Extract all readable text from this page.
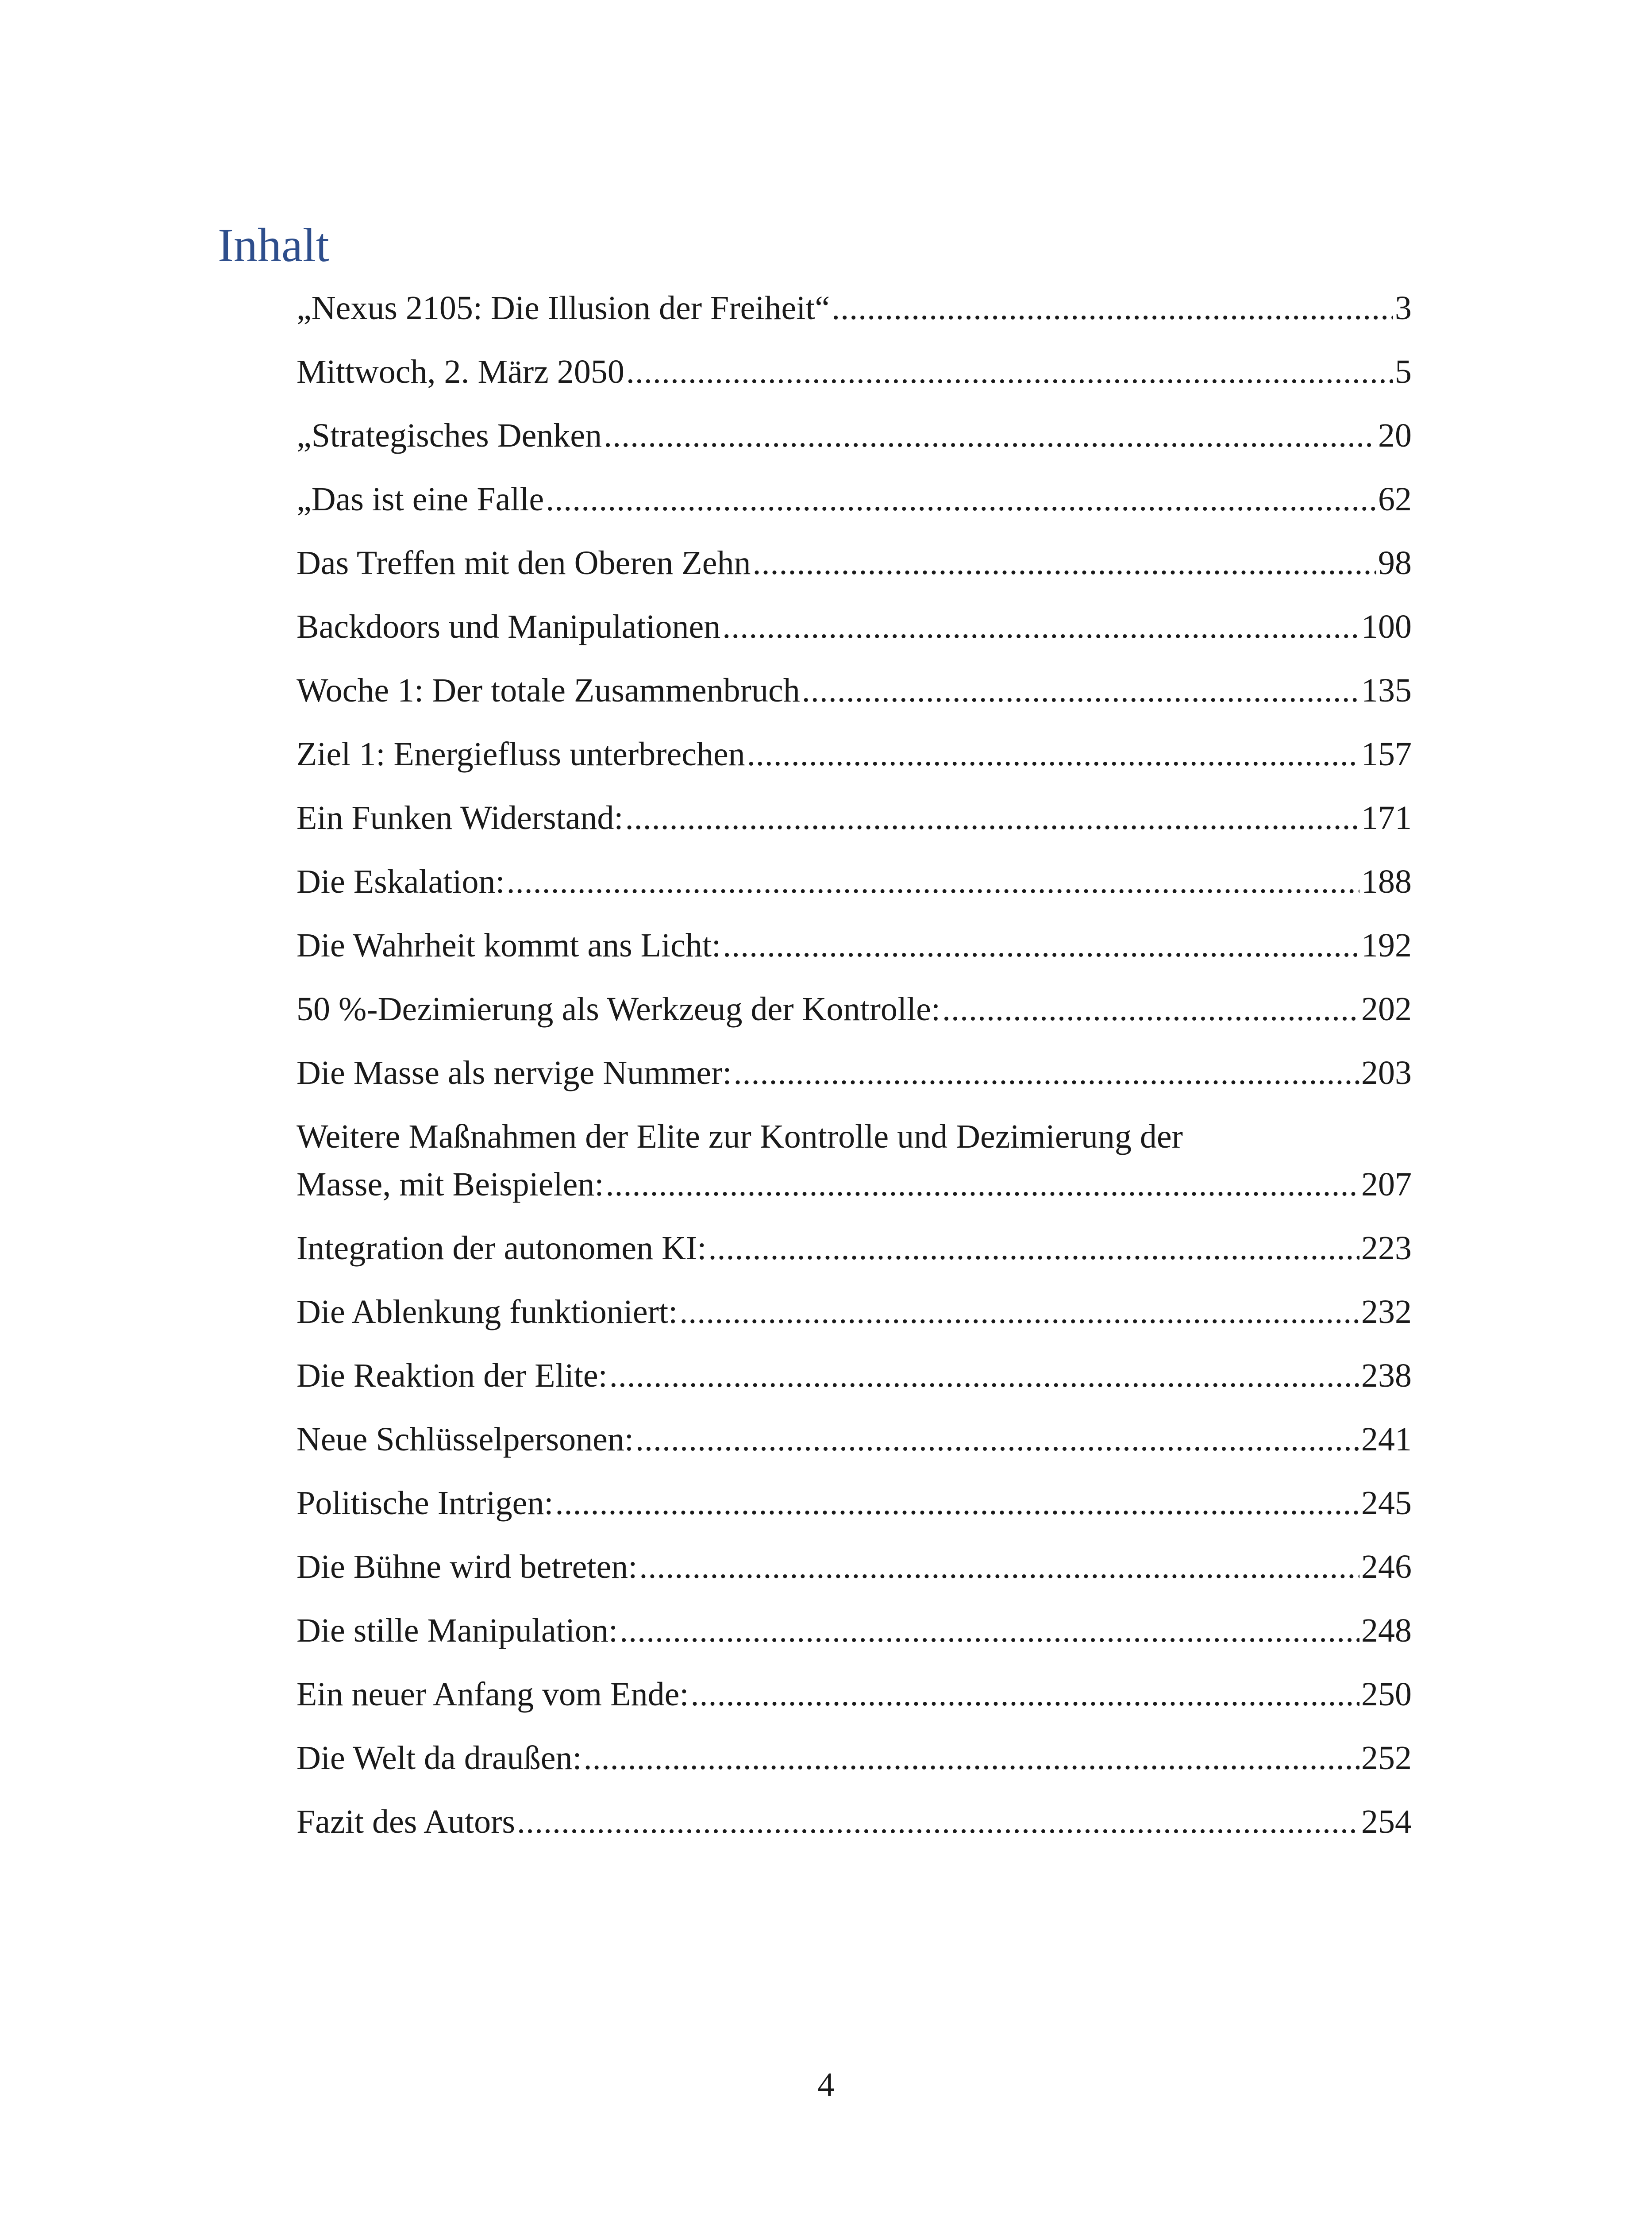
Inhalt
„Nexus 2105: Die Illusion der Freiheit“ .....	3
Mittwoch, 2. März 2050 .....	5
„Strategisches Denken .....	20
„Das ist eine Falle .....	62
Das Treffen mit den Oberen Zehn .....	98
Backdoors und Manipulationen .....	100
Woche 1: Der totale Zusammenbruch .....	135
Ziel 1: Energiefluss unterbrechen .....	157
Ein Funken Widerstand: .....	171
Die Eskalation: .....	188
Die Wahrheit kommt ans Licht: .....	192
50 %-Dezimierung als Werkzeug der Kontrolle: .....	202
Die Masse als nervige Nummer: .....	203
Weitere Maßnahmen der Elite zur Kontrolle und Dezimierung der
Masse, mit Beispielen: .....	207
Integration der autonomen KI: .....	223
Die Ablenkung funktioniert: .....	232
Die Reaktion der Elite: .....	238
Neue Schlüsselpersonen: .....	241
Politische Intrigen: .....	245
Die Bühne wird betreten: .....	246
Die stille Manipulation: .....	248
Ein neuer Anfang vom Ende: .....	250
Die Welt da draußen: .....	252
Fazit des Autors .....	254
4
